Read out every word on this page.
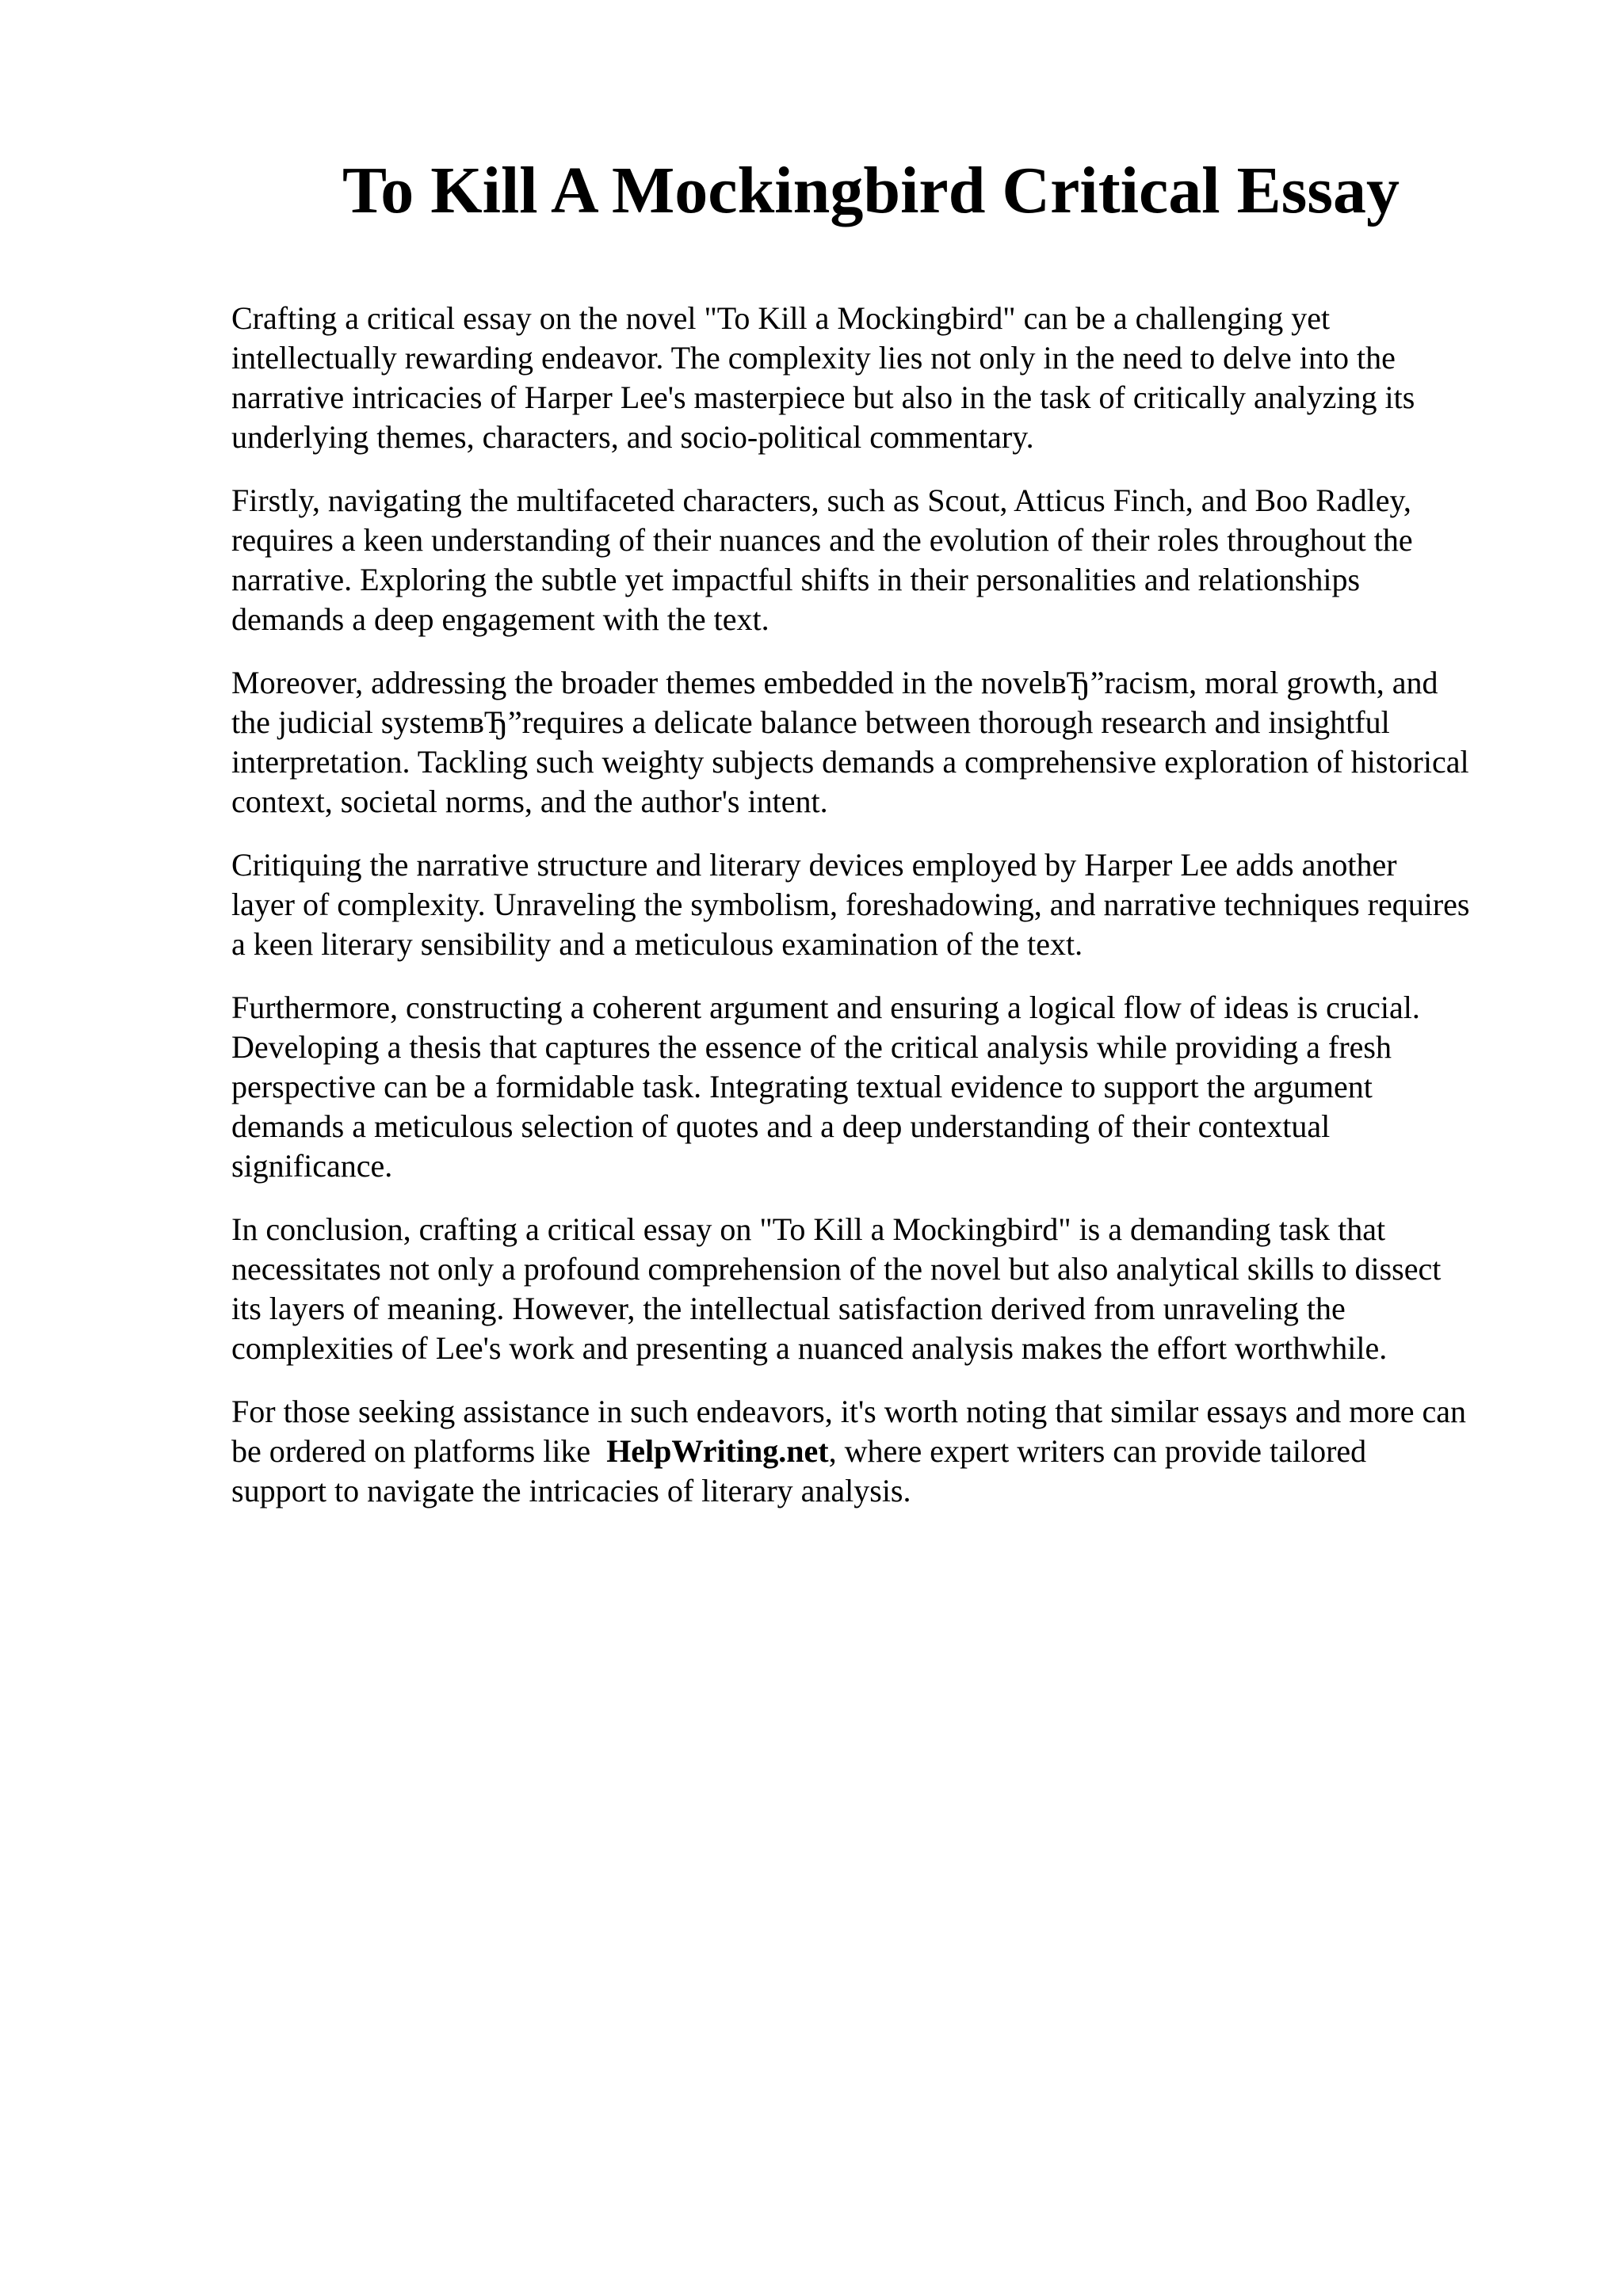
To Kill A Mockingbird Critical Essay

Crafting a critical essay on the novel "To Kill a Mockingbird" can be a challenging yet
intellectually rewarding endeavor. The complexity lies not only in the need to delve into the
narrative intricacies of Harper Lee's masterpiece but also in the task of critically analyzing its
underlying themes, characters, and socio-political commentary.

Firstly, navigating the multifaceted characters, such as Scout, Atticus Finch, and Boo Radley,
requires a keen understanding of their nuances and the evolution of their roles throughout the
narrative. Exploring the subtle yet impactful shifts in their personalities and relationships
demands a deep engagement with the text.

Moreover, addressing the broader themes embedded in the novelвЂ”racism, moral growth, and
the judicial systemвЂ”requires a delicate balance between thorough research and insightful
interpretation. Tackling such weighty subjects demands a comprehensive exploration of historical
context, societal norms, and the author's intent.

Critiquing the narrative structure and literary devices employed by Harper Lee adds another
layer of complexity. Unraveling the symbolism, foreshadowing, and narrative techniques requires
a keen literary sensibility and a meticulous examination of the text.

Furthermore, constructing a coherent argument and ensuring a logical flow of ideas is crucial.
Developing a thesis that captures the essence of the critical analysis while providing a fresh
perspective can be a formidable task. Integrating textual evidence to support the argument
demands a meticulous selection of quotes and a deep understanding of their contextual
significance.

In conclusion, crafting a critical essay on "To Kill a Mockingbird" is a demanding task that
necessitates not only a profound comprehension of the novel but also analytical skills to dissect
its layers of meaning. However, the intellectual satisfaction derived from unraveling the
complexities of Lee's work and presenting a nuanced analysis makes the effort worthwhile.

For those seeking assistance in such endeavors, it's worth noting that similar essays and more can
be ordered on platforms like HelpWriting.net, where expert writers can provide tailored
support to navigate the intricacies of literary analysis.
